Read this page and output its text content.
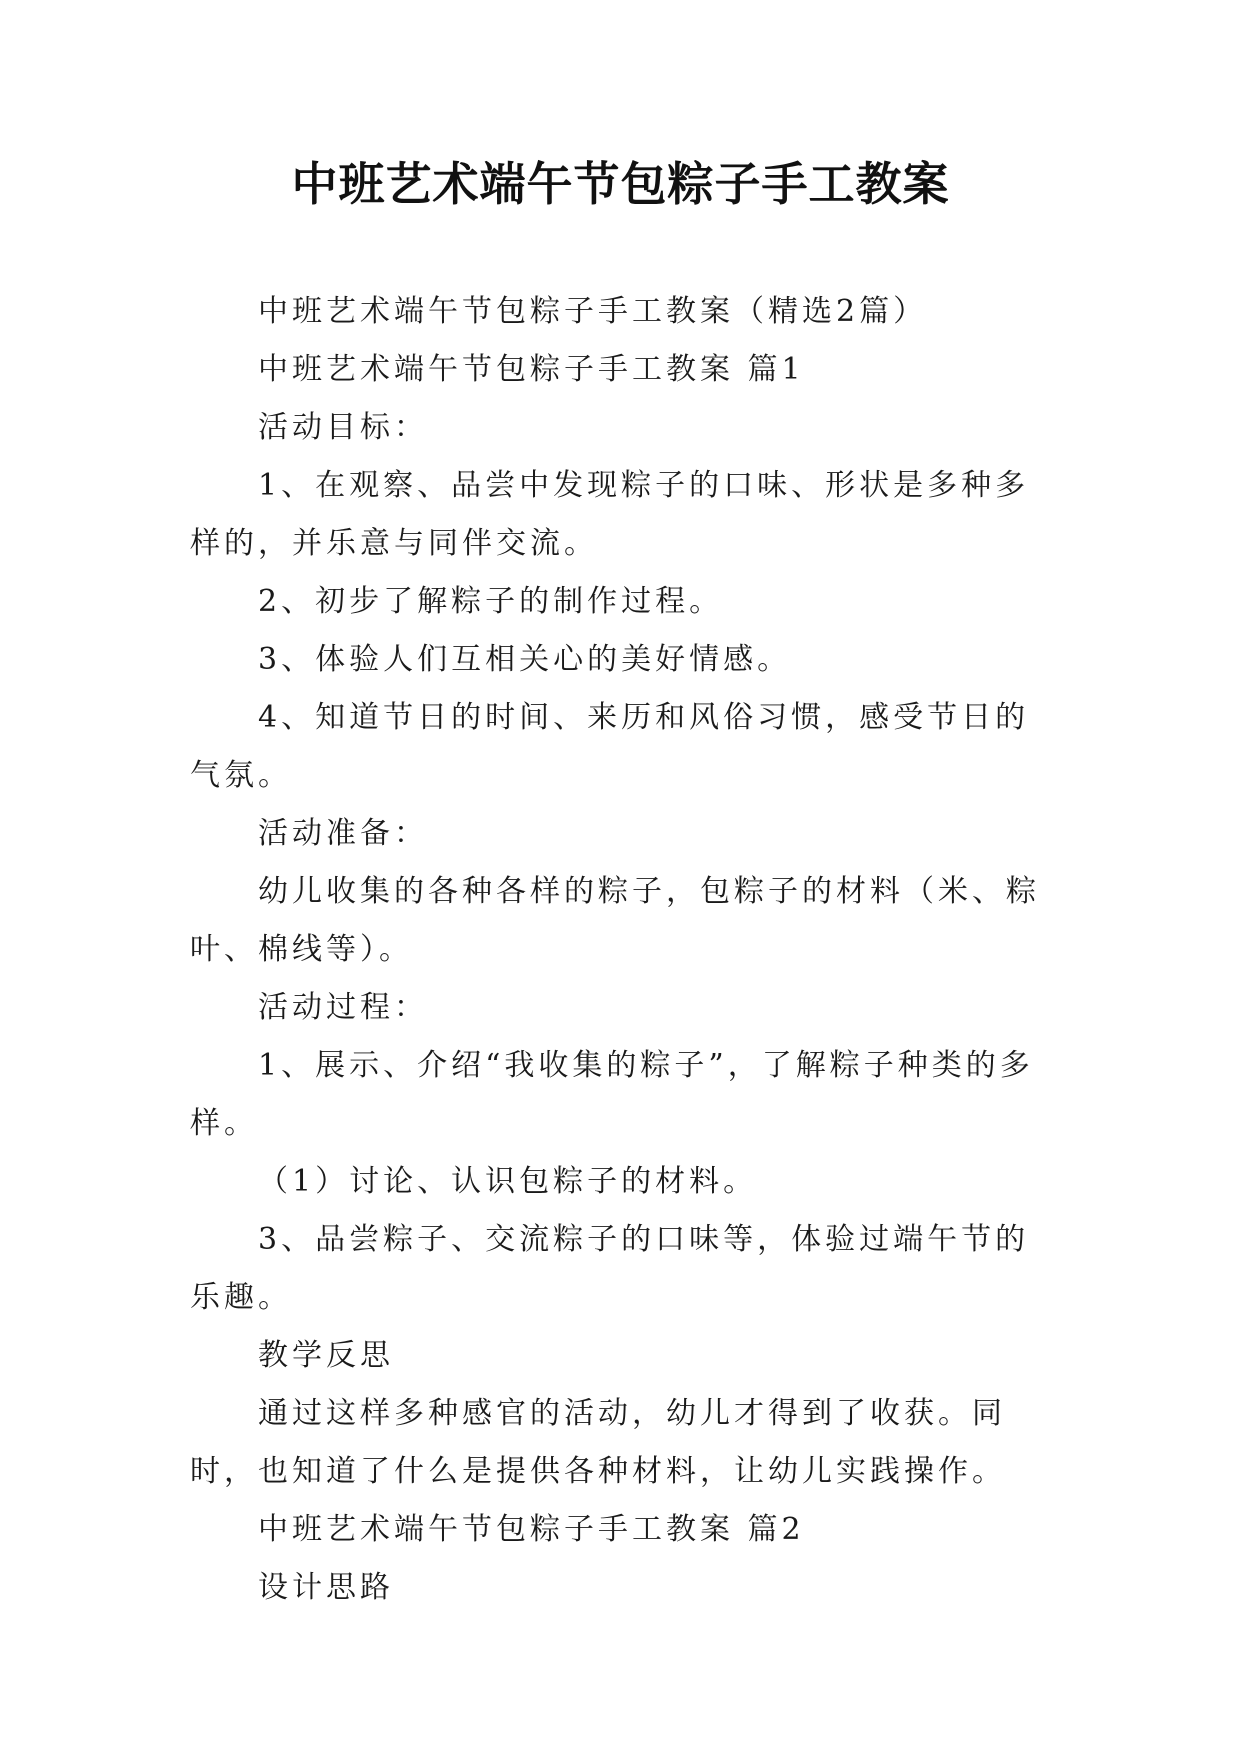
中班艺术端午节包粽子手工教案

中班艺术端午节包粽子手工教案（精选2篇）

中班艺术端午节包粽子手工教案 篇1

活动目标：

1、在观察、品尝中发现粽子的口味、形状是多种多样的，并乐意与同伴交流。

2、初步了解粽子的制作过程。

3、体验人们互相关心的美好情感。

4、知道节日的时间、来历和风俗习惯，感受节日的气氛。

活动准备：

幼儿收集的各种各样的粽子，包粽子的材料（米、粽叶、棉线等）。

活动过程：

1、展示、介绍“我收集的粽子”，了解粽子种类的多样。

（1）讨论、认识包粽子的材料。

3、品尝粽子、交流粽子的口味等，体验过端午节的乐趣。

教学反思

通过这样多种感官的活动，幼儿才得到了收获。同时，也知道了什么是提供各种材料，让幼儿实践操作。

中班艺术端午节包粽子手工教案 篇2

设计思路
